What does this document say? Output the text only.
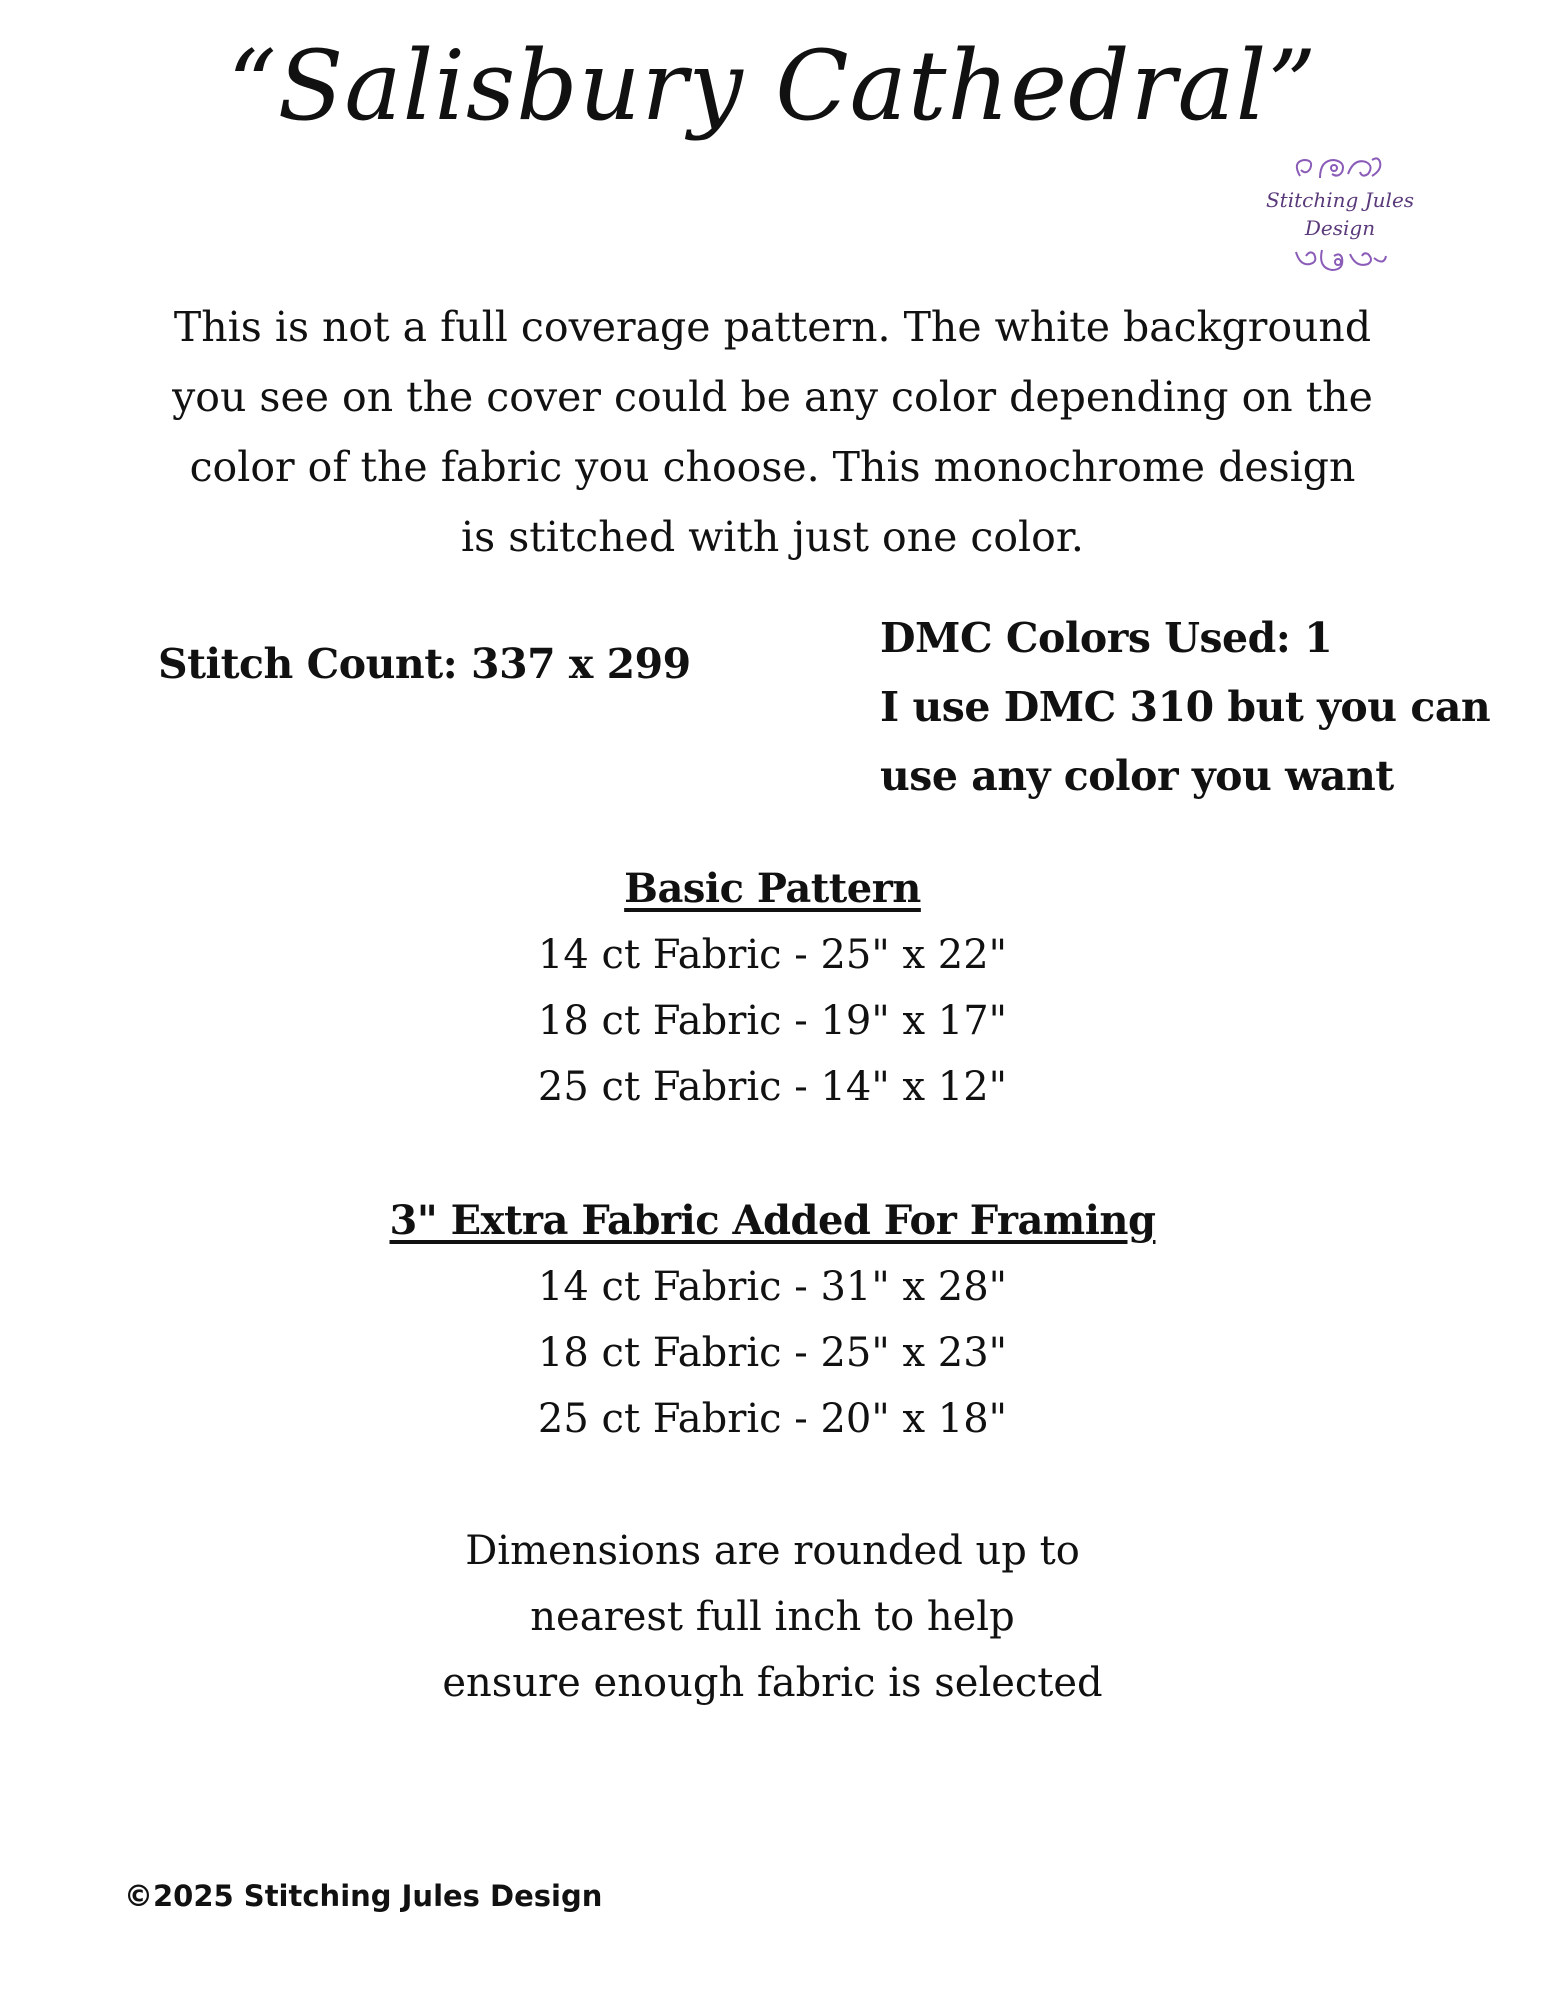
“Salisbury Cathedral”
Stitching Jules Design
This is not a full coverage pattern. The white background
you see on the cover could be any color depending on the
color of the fabric you choose. This monochrome design
is stitched with just one color.
Stitch Count: 337 x 299
DMC Colors Used: 1
I use DMC 310 but you can
use any color you want
Basic Pattern
14 ct Fabric - 25" x 22"
18 ct Fabric - 19" x 17"
25 ct Fabric - 14" x 12"
3" Extra Fabric Added For Framing
14 ct Fabric - 31" x 28"
18 ct Fabric - 25" x 23"
25 ct Fabric - 20" x 18"
Dimensions are rounded up to
nearest full inch to help
ensure enough fabric is selected
©2025 Stitching Jules Design
